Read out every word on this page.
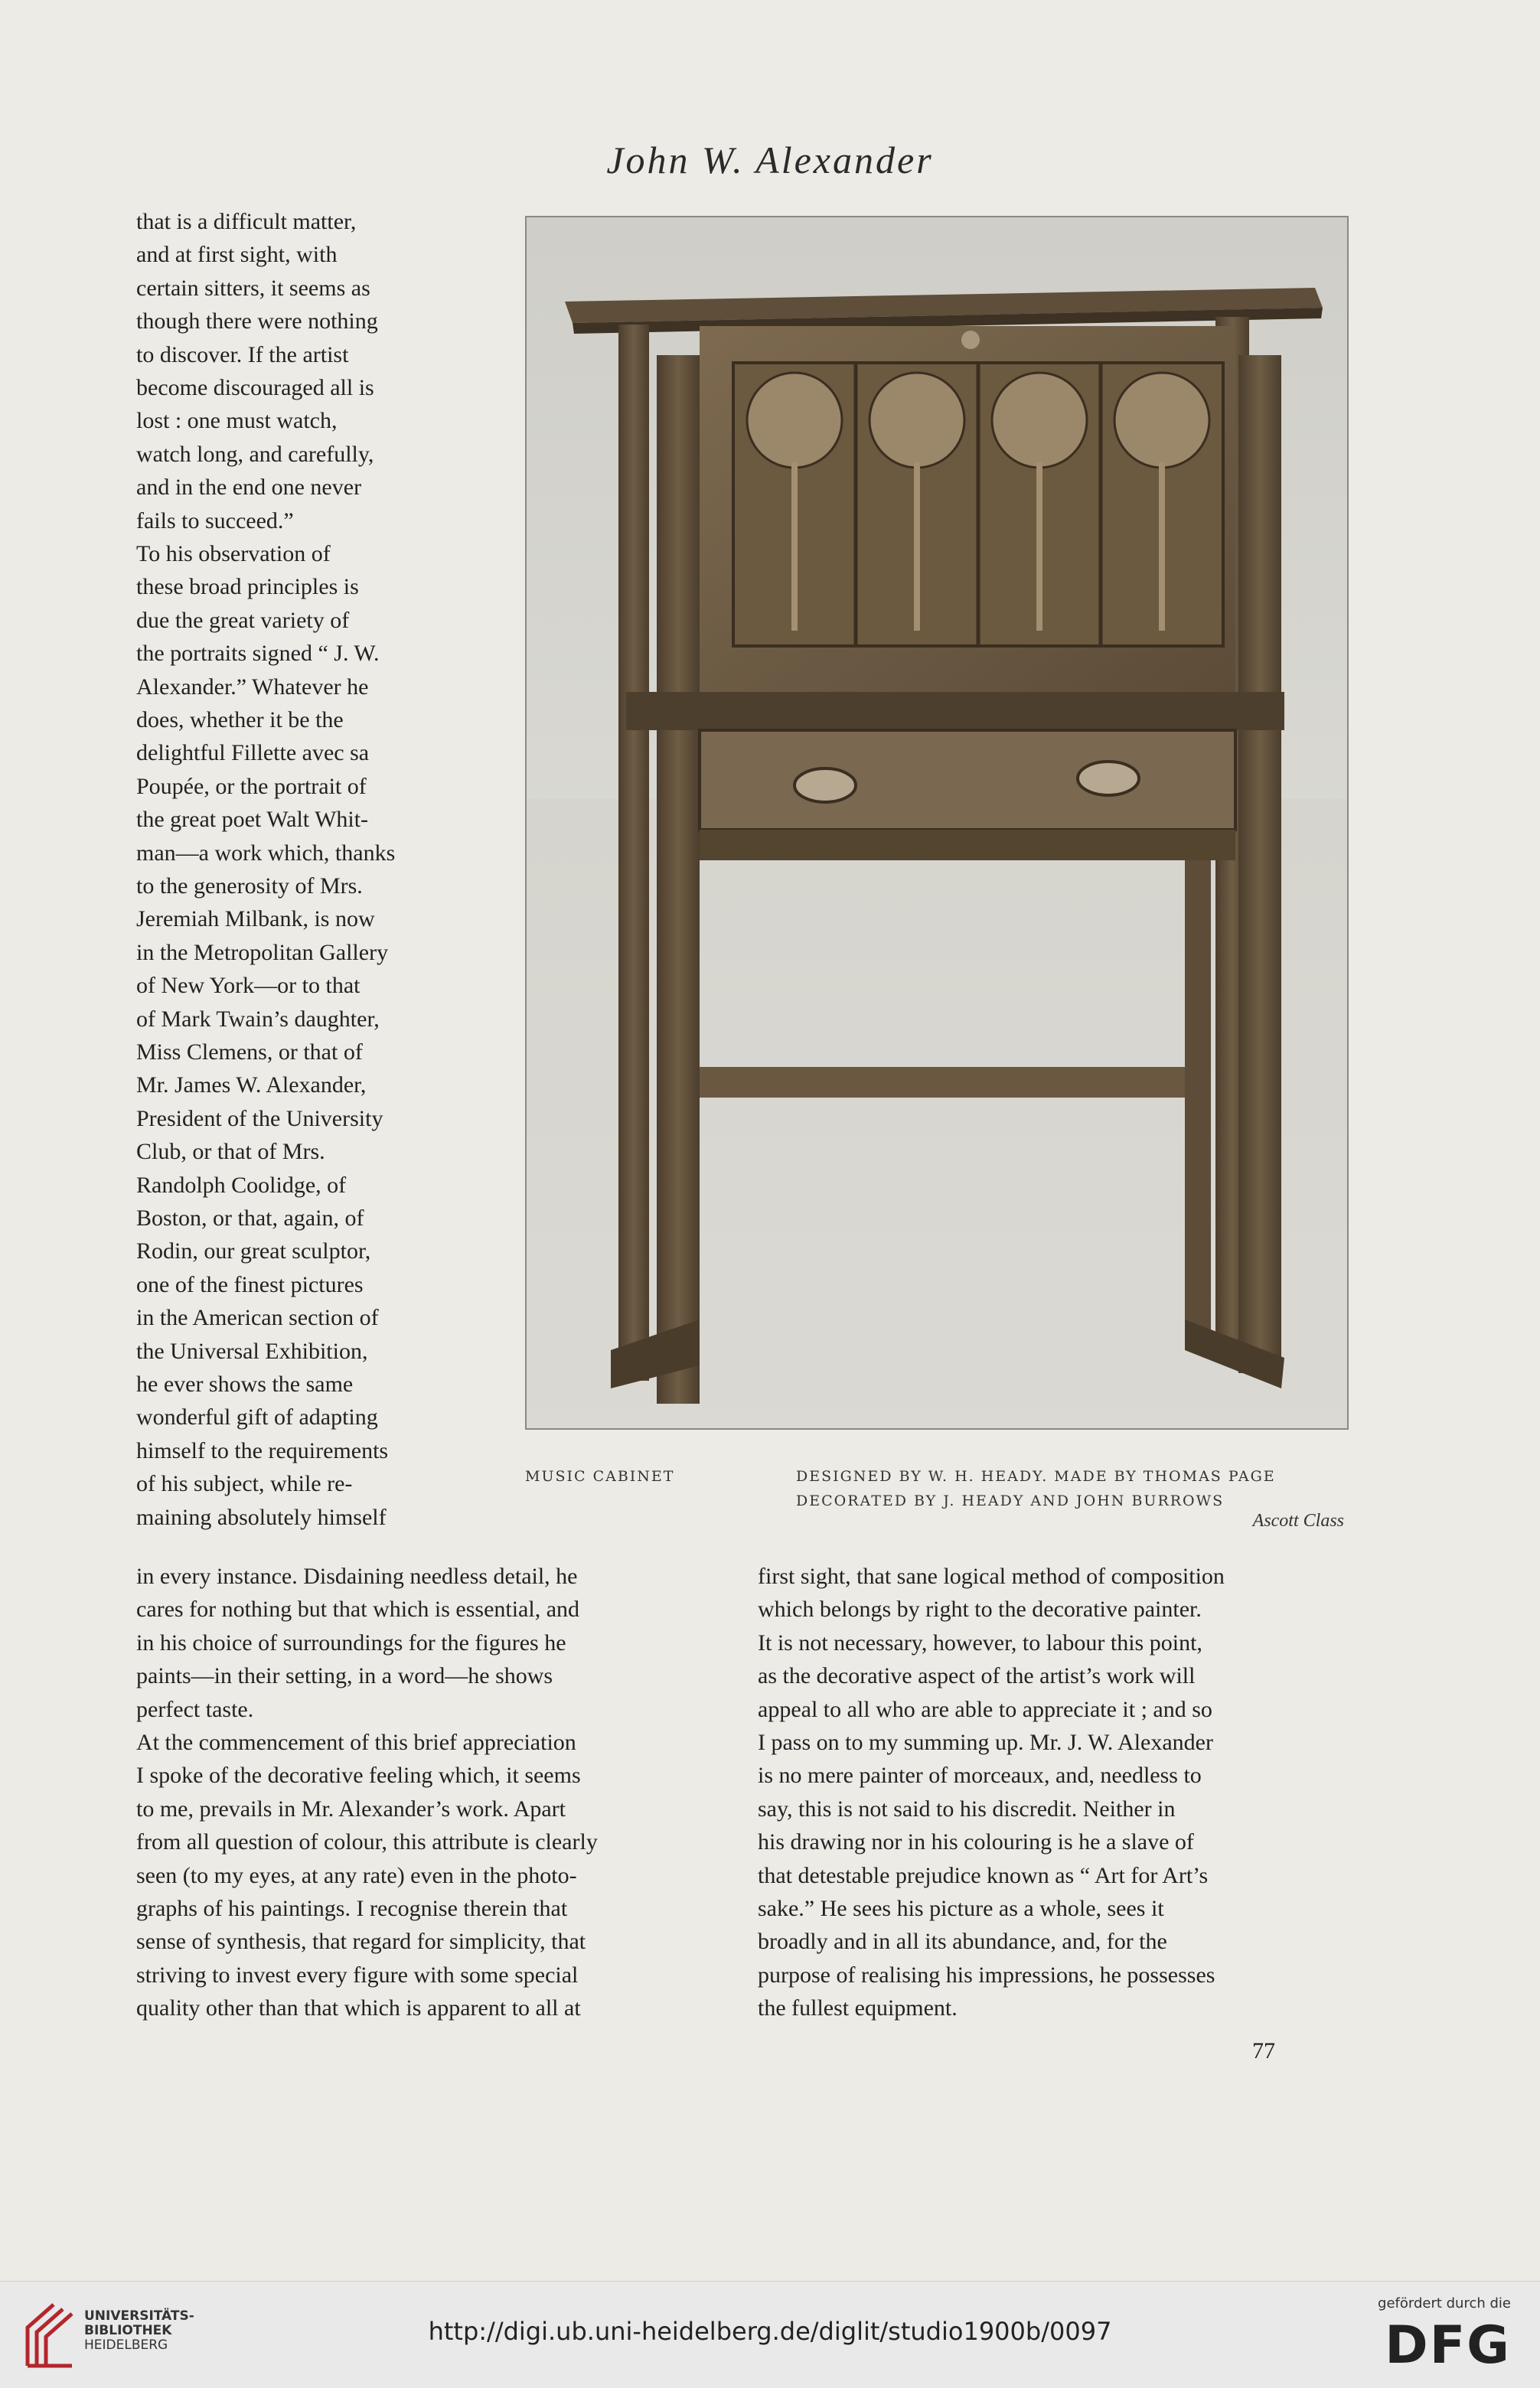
John W. Alexander
that is a difficult matter,
and at first sight, with
certain sitters, it seems as
though there were nothing
to discover. If the artist
become discouraged all is
lost : one must watch,
watch long, and carefully,
and in the end one never
fails to succeed.”
To his observation of
these broad principles is
due the great variety of
the portraits signed “ J. W.
Alexander.” Whatever he
does, whether it be the
delightful Fillette avec sa
Poupée, or the portrait of
the great poet Walt Whit-
man—a work which, thanks
to the generosity of Mrs.
Jeremiah Milbank, is now
in the Metropolitan Gallery
of New York—or to that
of Mark Twain’s daughter,
Miss Clemens, or that of
Mr. James W. Alexander,
President of the University
Club, or that of Mrs.
Randolph Coolidge, of
Boston, or that, again, of
Rodin, our great sculptor,
one of the finest pictures
in the American section of
the Universal Exhibition,
he ever shows the same
wonderful gift of adapting
himself to the requirements
of his subject, while re-
maining absolutely himself
in every instance. Disdaining needless detail, he
cares for nothing but that which is essential, and
in his choice of surroundings for the figures he
paints—in their setting, in a word—he shows
perfect taste.
At the commencement of this brief appreciation
I spoke of the decorative feeling which, it seems
to me, prevails in Mr. Alexander’s work. Apart
from all question of colour, this attribute is clearly
seen (to my eyes, at any rate) even in the photo-
graphs of his paintings. I recognise therein that
sense of synthesis, that regard for simplicity, that
striving to invest every figure with some special
quality other than that which is apparent to all at
first sight, that sane logical method of composition
which belongs by right to the decorative painter.
It is not necessary, however, to labour this point,
as the decorative aspect of the artist’s work will
appeal to all who are able to appreciate it ; and so
I pass on to my summing up. Mr. J. W. Alexander
is no mere painter of morceaux, and, needless to
say, this is not said to his discredit. Neither in
his drawing nor in his colouring is he a slave of
that detestable prejudice known as “ Art for Art’s
sake.” He sees his picture as a whole, sees it
broadly and in all its abundance, and, for the
purpose of realising his impressions, he possesses
the fullest equipment.
MUSIC CABINET	DESIGNED BY W. H. HEADY. MADE BY THOMAS PAGE
DECORATED BY J. HEADY AND JOHN BURROWS
Ascott Class
77
UNIVERSITÄTS-
BIBLIOTHEK
HEIDELBERG	http://digi.ub.uni-heidelberg.de/diglit/studio1900b/0097
gefördert durch die
DFG
